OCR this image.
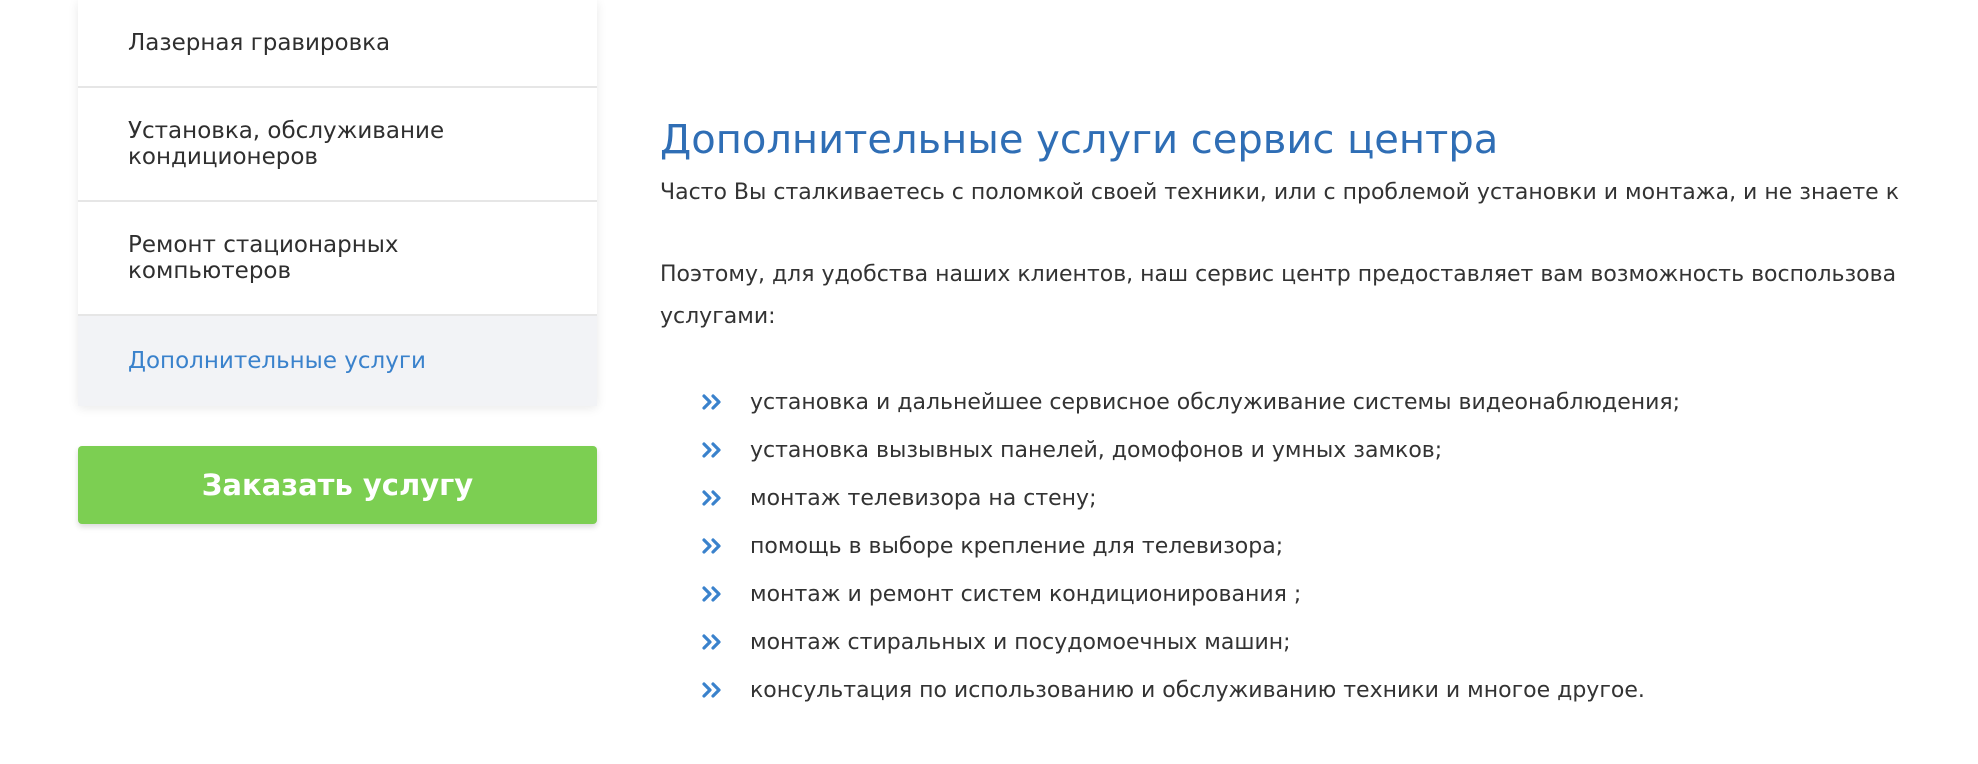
Лазерная гравировка
Установка, обслуживание кондиционеров
Ремонт стационарных компьютеров
Дополнительные услуги
Заказать услугу
Дополнительные услуги сервис центра

Часто Вы сталкиваетесь с поломкой своей техники, или с проблемой установки и монтажа, и не знаете к

Поэтому, для удобства наших клиентов, наш сервис центр предоставляет вам возможность воспользова
услугами:

установка и дальнейшее сервисное обслуживание системы видеонаблюдения;
установка вызывных панелей, домофонов и умных замков;
монтаж телевизора на стену;
помощь в выборе крепление для телевизора;
монтаж и ремонт систем кондиционирования ;
монтаж стиральных и посудомоечных машин;
консультация по использованию и обслуживанию техники и многое другое.
